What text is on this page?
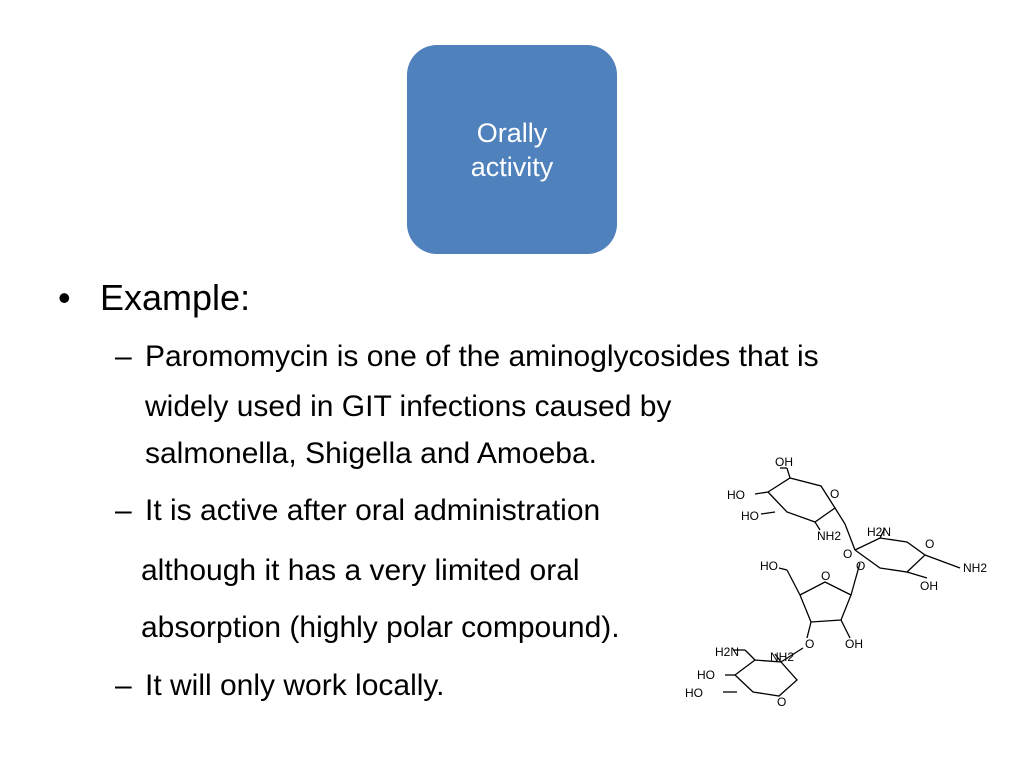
Orally
activity
• Example:
– Paromomycin is one of the aminoglycosides that is
widely used in GIT infections caused by
salmonella, Shigella and Amoeba.
– It is active after oral administration
although it has a very limited oral
absorption (highly polar compound).
– It will only work locally.
OH
HO
HO
O
NH2
O
H2N
O
NH2
OH
HO	O
O
O	OH
H2N	NH2
HO
HO
O
